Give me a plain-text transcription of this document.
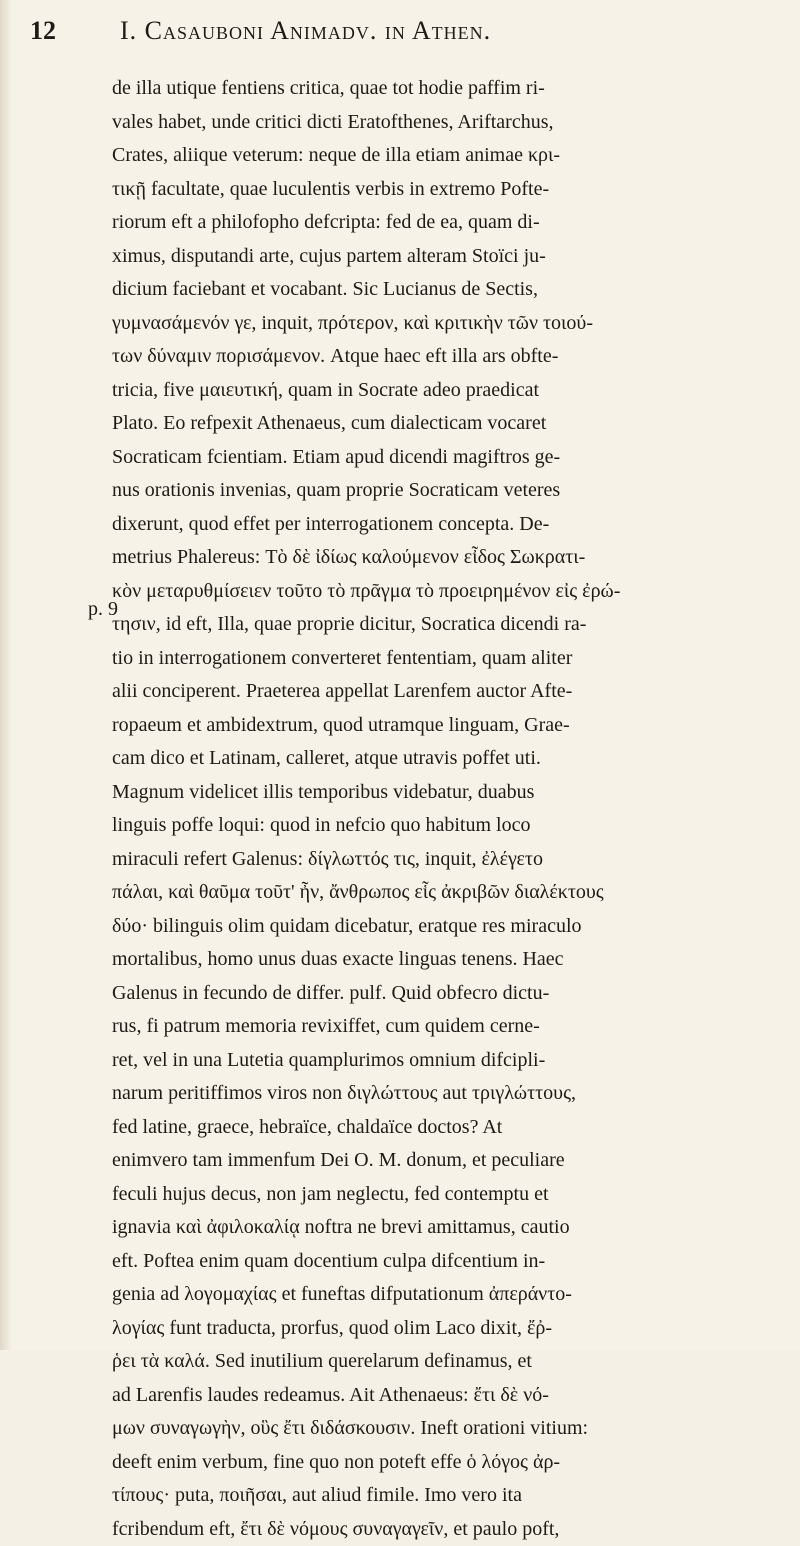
12	I. Casauboni Animadv. in Athen.
p. 9
de illa utique fentiens critica, quae tot hodie paffim ri-
vales habet, unde critici dicti Eratofthenes, Ariftarchus,
Crates, aliique veterum: neque de illa etiam animae κρι-
τικῇ facultate, quae luculentis verbis in extremo Pofte-
riorum eft a philofopho defcripta: fed de ea, quam di-
ximus, disputandi arte, cujus partem alteram Stoïci ju-
dicium faciebant et vocabant. Sic Lucianus de Sectis,
γυμνασάμενόν γε, inquit, πρότερον, καὶ κριτικὴν τῶν τοιού-
των δύναμιν πορισάμενον. Atque haec eft illa ars obfte-
tricia, five μαιευτική, quam in Socrate adeo praedicat
Plato. Eo refpexit Athenaeus, cum dialecticam vocaret
Socraticam fcientiam. Etiam apud dicendi magiftros ge-
nus orationis invenias, quam proprie Socraticam veteres
dixerunt, quod effet per interrogationem concepta. De-
metrius Phalereus: Τὸ δὲ ἰδίως καλούμενον εἶδος Σωκρατι-
κὸν μεταρυθμίσειεν τοῦτο τὸ πρᾶγμα τὸ προειρημένον εἰς ἐρώ-
τησιν, id eft, Illa, quae proprie dicitur, Socratica dicendi ra-
tio in interrogationem converteret fententiam, quam aliter
alii conciperent. Praeterea appellat Larenfem auctor Afte-
ropaeum et ambidextrum, quod utramque linguam, Grae-
cam dico et Latinam, calleret, atque utravis poffet uti.
Magnum videlicet illis temporibus videbatur, duabus
linguis poffe loqui: quod in nefcio quo habitum loco
miraculi refert Galenus: δίγλωττός τις, inquit, ἐλέγετο
πάλαι, καὶ θαῦμα τοῦτ' ἦν, ἄνθρωπος εἷς ἀκριβῶν διαλέκτους
δύο· bilinguis olim quidam dicebatur, eratque res miraculo
mortalibus, homo unus duas exacte linguas tenens. Haec
Galenus in fecundo de differ. pulf. Quid obfecro dictu-
rus, fi patrum memoria revixiffet, cum quidem cerne-
ret, vel in una Lutetia quamplurimos omnium difcipli-
narum peritiffimos viros non διγλώττους aut τριγλώττους,
fed latine, graece, hebraïce, chaldaïce doctos? At
enimvero tam immenfum Dei O. M. donum, et peculiare
feculi hujus decus, non jam neglectu, fed contemptu et
ignavia καὶ ἀφιλοκαλίᾳ noftra ne brevi amittamus, cautio
eft. Poftea enim quam docentium culpa difcentium in-
genia ad λογομαχίας et funeftas difputationum ἀπεράντο-
λογίας funt traducta, prorfus, quod olim Laco dixit, ἔῤ-
ῥει τὰ καλά. Sed inutilium querelarum definamus, et
ad Larenfis laudes redeamus. Ait Athenaeus: ἔτι δὲ νό-
μων συναγωγὴν, οὓς ἔτι διδάσκουσιν. Ineft orationi vitium:
deeft enim verbum, fine quo non poteft effe ὁ λόγος ἀρ-
τίπους· puta, ποιῆσαι, aut aliud fimile. Imo vero ita
fcribendum eft, ἔτι δὲ νόμους συναγαγεῖν, et paulo poft,
